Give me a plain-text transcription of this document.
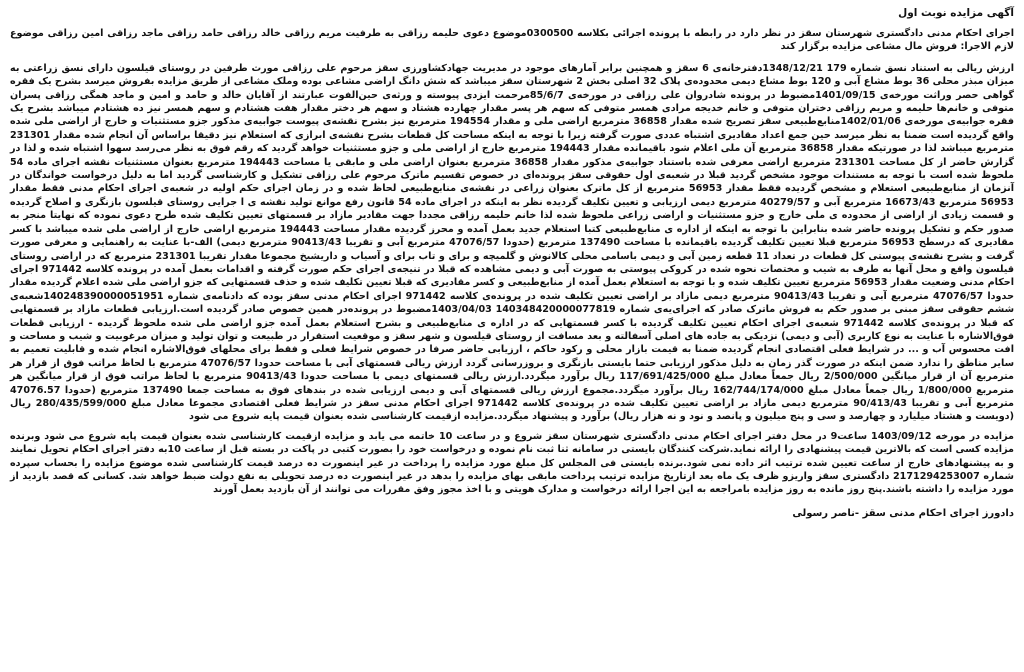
آگهی مزایده نوبت اول
اجرای احکام مدنی دادگستری شهرستان سقز در نظر دارد در رابطه با پرونده اجرائی بکلاسه 0300500موضوع دعوی حلیمه رزاقی به طرفیت مریم رزاقی خالد رزاقی حامد رزاقی ماجد رزاقی امین رزاقی موضوع لازم الاجرا: فروش مال مشاعی مزایده برگزار کند
ارزش ریالی به استناد نسق شماره 179 1348/12/21دفترخانه‌ی 6 سقز و همچنین برابر آمارهای موجود در مدیریت جهادکشاورزی سقز مرحوم علی رزاقی مورث طرفین در روستای قیلسون دارای نسق زراعتی به میزان مبذر محلی 36 بوط مشاع آبی و 120 بوط مشاع دیمی محدوده‌ی پلاک 32 اصلی بخش 2 شهرستان سقز میباشد که شش دانگ اراضی مشاعی بوده وملک مشاعی از طریق مزایده بفروش میرسد بشرح یک فقره گواهی حصر وراثت مورخه‌ی 1401/09/15مضبوط در پرونده شادروان علی رزاقی در مورخه‌ی 85/6/7مرحمت ایزدی پیوسته و ورثه‌ی حین‌الفوت عبارتند از آقایان خالد و حامد و امین و ماجد همگی رزاقی پسران متوفی و خانم‌ها حلیمه و مریم رزاقی دختران متوفی و خانم خدیجه مرادی همسر متوفی که سهم هر پسر مقدار چهارده هشتاد و سهم هر دختر مقدار هفت هشتادم و سهم همسر نیز ده هشتادم میباشد بشرح یک فقره جوابیه‌ی مورخه‌ی 1402/01/06منابع‌طبیعی سقز تصریح شده مقدار 36858 مترمربع اراضی ملی و مقدار 194554 مترمربع نیز بشرح نقشه‌ی پیوست جوابیه‌ی مذکور جزو مستثنیات و خارج از اراضی ملی شده واقع گردیده است ضمنا به نظر میرسد حین جمع اعداد مقادیری اشتباه عددی صورت گرفته زیرا با توجه به اینکه مساحت کل قطعات بشرح نقشه‌ی ابرازی که استعلام نیز دقیقا براساس آن انجام شده مقدار 231301 مترمربع میباشد لذا در صورتیکه مقدار 36858 مترمربع آن ملی اعلام شود باقیمانده مقدار 194443 مترمربع خارج از اراضی ملی و جزو مستثنیات خواهد گردید که رقم فوق به نظر می‌رسد سهوا اشتباه شده و لذا در گزارش حاضر از کل مساحت 231301 مترمربع اراضی معرفی شده باستناد جوابیه‌ی مذکور مقدار 36858 مترمربع بعنوان اراضی ملی و مابقی یا مساحت 194443 مترمربع بعنوان مستثنیات نقشه اجرای ماده 54 ملحوظ شده است با توجه به مستندات موجود مشخص گردید قبلا در شعبه‌ی اول حقوقی سقز پرونده‌ای در خصوص تقسیم ماترک مرحوم علی رزاقی تشکیل و کارشناسی گردید اما به دلیل درخواست خواندگان در آنزمان از منابع‌طبیعی استعلام و مشخص گردیده فقط مقدار 56953 مترمربع از کل ماترک بعنوان زراعی در نقشه‌ی منابع‌طبیعی لحاظ شده و در زمان اجرای حکم اولیه در شعبه‌ی اجرای احکام مدنی فقط مقدار 56953 مترمربع 16673/43 مترمربع آبی و 40279/57 مترمربع دیمی ارزیابی و تعیین تکلیف گردیده نظر به اینکه در اجرای ماده 54 قانون رفع موانع تولید نقشه ی ا جرایی روستای قیلسون بازنگری و اصلاح گردیده و قسمت زیادی از اراضی از محدوده ی ملی خارج و جزو مستثنیات و اراضی زراعی ملحوظ شده لذا خانم حلیمه رزاقی مجددا جهت مقادیر مازاد بر قسمتهای تعیین تکلیف شده طرح دعوی نموده که نهایتا منجر به صدور حکم و تشکیل پرونده حاضر شده بنابراین با توجه به اینکه از اداره ی منابع‌طبیعی کتبا استعلام جدید بعمل آمده و محرز گردیده مقدار مساحت 194443 مترمربع اراضی خارج از اراضی ملی شده میباشد با کسر مقادیری که درسطح 56953 مترمربع قبلا تعیین تکلیف گردیده باقیمانده با مساحت 137490 مترمربع (حدودا 47076/57 مترمربع آبی و تقریبا 90413/43 مترمربع دیمی) الف-با عنایت به راهنمایی و معرفی صورت گرفت و بشرح نقشه‌ی پیوستی کل قطعات در تعداد 11 قطعه زمین آبی و دیمی باسامی محلی کالانوش و گلمیچه و برای و تاب برای و آسیاب و داریشیخ مجموعا مقدار تقریبا 231301 مترمربع که در اراضی روستای قیلسون واقع و محل آنها به طرف به شیب و مختصات نحوه شده در کروکی پیوستی به صورت آبی و دیمی مشاهده که قبلا در تنیجه‌ی اجرای حکم صورت گرفته و اقدامات بعمل آمده در پرونده کلاسه 971442 اجرای احکام مدنی وضعیت مقدار 56953 مترمربع تعیین تکلیف شده و با توجه به استعلام بعمل آمده از منابع‌طبیعی و کسر مقادیری که قبلا تعیین تکلیف شده و حذف قسمتهایی که جزو اراضی ملی شده اعلام گردیده مقدار حدودا 47076/57 مترمربع آبی و تقریبا 90413/43 مترمربع دیمی مازاد بر اراضی تعیین تکلیف شده در پرونده‌ی کلاسه 971442 اجرای احکام مدنی سقز بوده که دادنامه‌ی شماره 140248390000051951شعبه‌ی ششم حقوقی سقز مبنی بر صدور حکم به فروش ماترک صادر که اجرای‌یه‌ی شماره 140348420000077819 1403/04/03مضبوط در پرونده‌در همین خصوص صادر گردیده است.ارزیابی قطعات مازاد بر قسمتهایی که قبلا در پرونده‌ی کلاسه 971442 شعبه‌ی اجرای احکام تعیین تکلیف گردیده با کسر قسمتهایی که در اداره ی منابع‌طبیعی و بشرح استعلام بعمل آمده جزو اراضی ملی شده ملحوظ گردیده - ارزیابی قطعات فوق‌الاشاره با عنایت به نوع کاربری (آبی و دیمی) نزدیکی به جاده های اصلی آسفالته و بعد مسافت از روستای قیلسون و شهر سقز و موقعیت استقرار در طبیعت و توان تولید و میزان مرغوبیت و شیب و مساحت و افت محسوس آب و ... در شرایط فعلی اقتصادی انجام گردیده ضمنا به قیمت بازار محلی و رکود حاکم ، ارزیابی حاضر صرفا در خصوص شرایط فعلی و فقط برای محلهای فوق‌الاشاره انجام شده و قابلیت تعمیم به سایر مناطق را ندارد ضمن اینکه در صورت گذر زمان به دلیل مذکور ارزیابی حتما بایستی بازنگری و بروزرسانی گردد ارزش ریالی قسمتهای آبی با مساحت حدودا 47076/57 مترمربع با لحاظ مراتب فوق از قرار هر مترمربع آن از قرار میانگین 2/500/000 ریال جمعاً معادل مبلغ 117/691/425/000 ریال برآورد میگردد.ارزش ریالی قسمتهای دیمی با مساحت حدودا 90413/43 مترمربع با لحاظ مراتب فوق از قرار میانگین هر مترمربع 1/800/000 ریال جمعاً معادل مبلغ 162/744/174/000 ریال برآورد میگردد.مجموع ارزش ریالی قسمتهای آبی و دیمی ارزیابی شده در بندهای فوق به مساحت جمعا 137490 مترمربع (حدودا 47076.57 مترمربع آبی و تقریبا 90/413/43 مترمربع دیمی مازاد بر اراضی تعیین تکلیف شده در پرونده‌ی کلاسه 971442 اجرای احکام مدنی سقز در شرایط فعلی اقتصادی مجموعا معادل مبلغ 280/435/599/000 ریال (دویست و هشتاد میلیارد و چهارصد و سی و پنج میلیون و پانصد و نود و نه هزار ریال) برآورد و پیشنهاد میگردد.مزایده ازقیمت کارشناسی شده بعنوان قیمت پایه شروع می شود
مزایده در مورخه 1403/09/12 ساعت9 در محل دفتر اجرای احکام مدنی دادگستری شهرستان سقز شروع و در ساعت 10 خاتمه می یابد و مزایده ازقیمت کارشناسی شده بعنوان قیمت پایه شروع می شود وبرنده مزایده کسی است که بالاترین قیمت پیشنهادی را ارائه نماید.شرکت کنندگان بایستی در سامانه ثنا ثبت نام نموده و درخواست خود را بصورت کتبی در پاکت در بسته قبل از ساعت 10به دفتر اجرای احکام تحویل نمایند و به پیشنهادهای خارج از ساعت تعیین شده ترتیب اثر داده نمی شود.برنده بایستی فی المجلس کل مبلغ مورد مزایده را پرداخت در غیر اینصورت ده درصد قیمت کارشناسی شده موضوع مزایده را بحساب سپرده شماره 2171294253007 دادگستری سقز واریزو ظرف یک ماه بعد ازتاریخ مزایده ترتیب پرداخت مابقی بهای مزایده را بدهد در غیر اینصورت ده درصد تحویلی به نفع دولت ضبط خواهد شد. کسانی که قصد بازدید از مورد مزایده را داشته باشند.پنج روز مانده به روز مزایده بامراجعه به این اجرا ارائه درخواست و مدارک هویتی و با اخذ مجوز وفق مقررات می توانند از آن بازدید بعمل آورند
دادورز اجرای احکام مدنی سقز -ناصر رسولی
